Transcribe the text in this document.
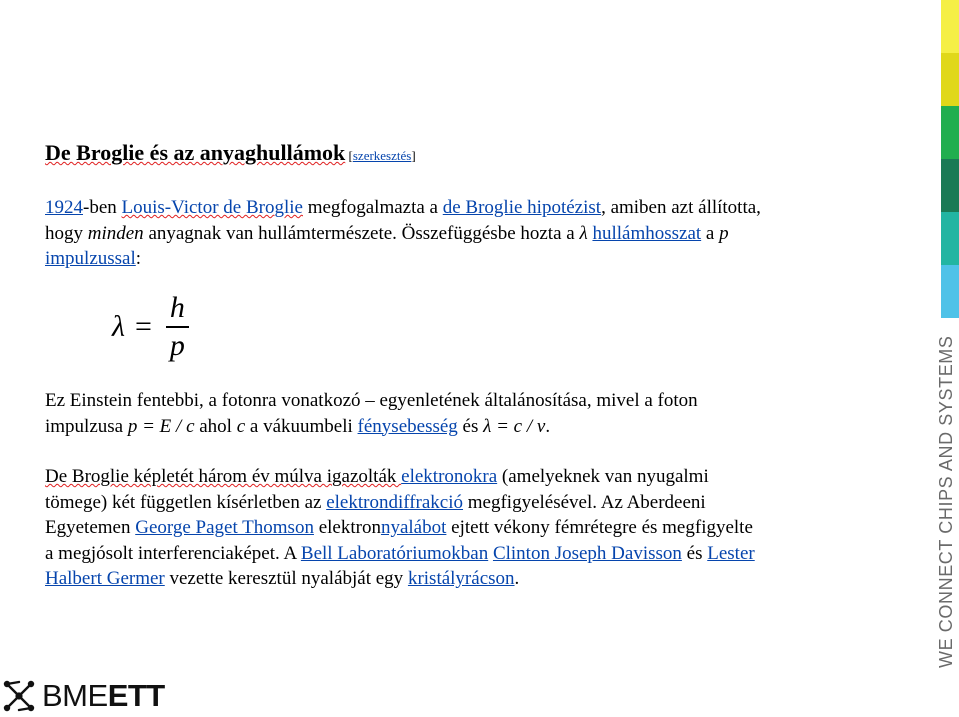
WE CONNECT CHIPS AND SYSTEMS
De Broglie és az anyaghullámok [szerkesztés]
1924-ben Louis-Victor de Broglie megfogalmazta a de Broglie hipotézist, amiben azt állította,
hogy minden anyagnak van hullámtermészete. Összefüggésbe hozta a λ hullámhosszat a p
impulzussal:
$\lambda = \frac{h}{p}$
Ez Einstein fentebbi, a fotonra vonatkozó – egyenletének általánosítása, mivel a foton
impulzusa p = E / c ahol c a vákuumbeli fénysebesség és λ = c / ν.
De Broglie képletét három év múlva igazolták elektronokra (amelyeknek van nyugalmi
tömege) két független kísérletben az elektrondiffrakció megfigyelésével. Az Aberdeeni
Egyetemen George Paget Thomson elektronnyalábot ejtett vékony fémrétegre és megfigyelte
a megjósolt interferenciaképet. A Bell Laboratóriumokban Clinton Joseph Davisson és Lester
Halbert Germer vezette keresztül nyalábját egy kristályrácson.
BMEETT
